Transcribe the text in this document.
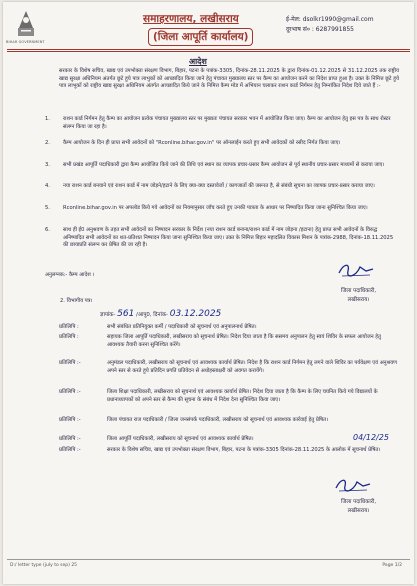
BIHAR GOVERNMENT
समाहरणालय, लखीसराय
(जिला आपूर्ति कार्यालय)
ई-मेल: dsolkr1990@gmail.com
दूरभाष सं० : 6287991855
आदेश
सरकार के विशेष सचिव, खाद्य एवं उपभोक्ता संरक्षण विभाग, बिहार, पटना के पत्रांक-3305, दिनांक-28.11.2025 के द्वारा दिनांक-01.12.2025 से 31.12.2025 तक राष्ट्रीय खाद्य सुरक्षा अधिनियम अंतर्गत छूटे हुये पात्र लाभुकों को आच्छादित किया जाने हेतु पंचायत मुख्यालय स्तर पर कैम्प का आयोजन करने का निदेश प्राप्त हुआ है। उक्त के निमित्त छूटे हुये पात्र लाभुकों को राष्ट्रीय खाद्य सुरक्षा अधिनियम अंतर्गत आच्छादित किये जाने के निमित्त कैम्प मोड में अभियान चलाकर राशन कार्ड निर्गमन हेतु निम्नांकित निदेश दिये जाते हैं :-
1.	राशन कार्ड निर्गमन हेतु कैम्प का आयोजन प्रत्येक पंचायत मुख्यालय स्तर पर मुख्यतः पंचायत सरकार भवन में आयोजित किया जाए। कैम्प का आयोजन हेतु इस पत्र के साथ रोस्टर संलग्न किया जा रहा है।
2.	कैम्प आयोजन के दिन ही प्राप्त सभी आवेदनों को "Rconline.bihar.gov.in" पर ऑनलाईन करते हुए सभी आवेदकों को रसीद निर्गत किया जाए।
3.	सभी प्रखंड आपूर्ति पदाधिकारी द्वारा कैम्प आयोजित किये जाने की तिथि एवं स्थान का व्यापक प्रचार-प्रसार कैम्प आयोजन से पूर्व स्थानीय प्रचार-प्रसार माध्यमों से कराया जाए।
4.	नया राशन कार्ड बनवाने एवं राशन कार्ड में नाम जोड़ने/हटाने के लिए क्या-क्या दस्तावेजों / कागजातों की जरूरत है, से संबंधी सूचना का व्यापक प्रचार-प्रसार कराया जाए।
5.	Rconline.bihar.gov.in पर अपलोड किये गये आवेदनों का नियमानुसार जाँच करते हुए उनकी पात्रता के आधार पर निष्पादित किया जाना सुनिश्चित किया जाए।
6.	साथ ही ई0 अनुश्रवण के तहत सभी आवेदनों का निष्पादन सरकार के निर्देश (नया राशन कार्ड बनाना/राशन कार्ड में नाम जोड़ना /हटाना) हेतु प्राप्त सभी आवेदनों के विरुद्ध अनिष्पादित सभी आवेदनों का शत-प्रतिशत निष्पादन किया जाना सुनिश्चित किया जाए। उक्त के निमित्त बिहार महादलित विकास मिशन के पत्रांक-2988, दिनांक-18.11.2025 की छायाप्रति संलग्न कर प्रेषित की जा रही है।
अनुलग्नक:- कैम्प आदेश ।
जिला पदाधिकारी,
लखीसराय।
2. विभागीय पत्र।
ज्ञापांक- 561 /आपू0, दिनांक- 03.12.2025
प्रतिलिपि :	सभी संबंधित प्रतिनियुक्त कर्मी / पदाधिकारी को सूचनार्थ एवं अनुपालनार्थ प्रेषित।
प्रतिलिपि :	सहायक जिला आपूर्ति पदाधिकारी, लखीसराय को सूचनार्थ प्रेषित। निदेश दिया जाता है कि ससमय अनुपालन हेतु स्वयं शिविर के सफल आयोजन हेतु आवश्यक तैयारी करना सुनिश्चित करेंगे।
प्रतिलिपि :-	अनुमंडल पदाधिकारी, लखीसराय को सूचनार्थ एवं आवश्यक कार्यार्थ प्रेषित। निदेश है कि राशन कार्ड निर्गमन हेतु लगने वाले शिविर का पर्यवेक्षण एवं अनुश्रवण अपने स्तर से करते हुये प्रतिदिन प्रगति प्रतिवेदन से अधोहस्ताक्षरी को अवगत करायेंगे।
प्रतिलिपि :-	जिला शिक्षा पदाधिकारी, लखीसराय को सूचनार्थ एवं आवश्यक कार्यार्थ प्रेषित। निदेश दिया जाता है कि कैम्प के लिए चयनित किये गये विद्यालयों के प्रधानाध्यापकों को अपने स्तर से कैम्प की सूचना के संबंध में निदेश देना सुनिश्चित किया जाए।
प्रतिलिपि :-	जिला पंचायत राज पदाधिकारी / जिला जनसंपर्क पदाधिकारी, लखीसराय को सूचनार्थ एवं आवश्यक कार्रवाई हेतु प्रेषित।
प्रतिलिपि :-	जिला आपूर्ति पदाधिकारी, लखीसराय को सूचनार्थ एवं आवश्यक कार्यार्थ प्रेषित।
प्रतिलिपि :-	सरकार के विशेष सचिव, खाद्य एवं उपभोक्ता संरक्षण विभाग, बिहार, पटना के पत्रांक-3305 दिनांक-28.11.2025 के आलोक में सूचनार्थ प्रेषित।
04/12/25
जिला पदाधिकारी,
लखीसराय।
D:/ letter type (july to sep) 25	Page 1/2
